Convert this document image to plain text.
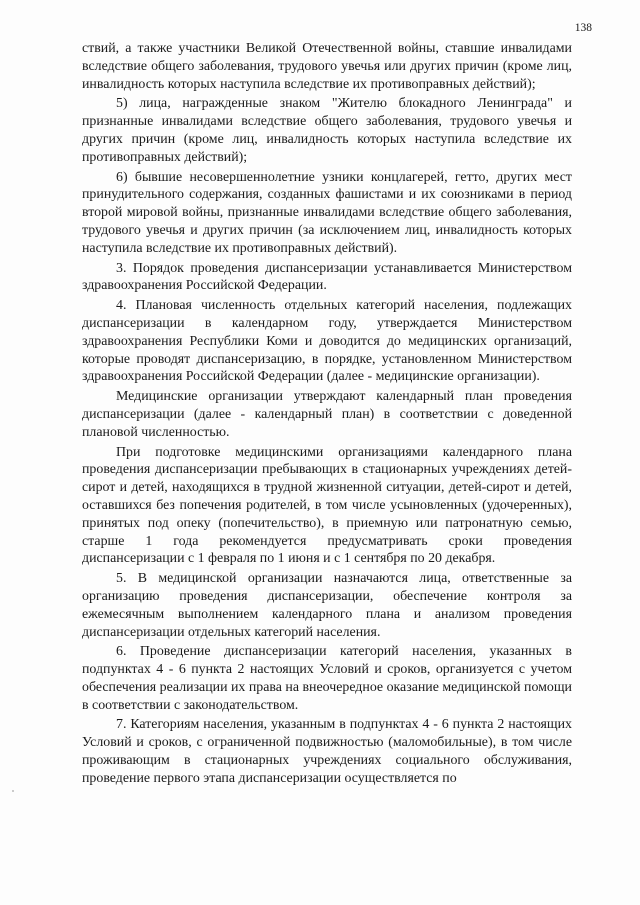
138

ствий, а также участники Великой Отечественной войны, ставшие инвалидами вследствие общего заболевания, трудового увечья или других причин (кроме лиц, инвалидность которых наступила вследствие их противоправных действий);

5) лица, награжденные знаком "Жителю блокадного Ленинграда" и признанные инвалидами вследствие общего заболевания, трудового увечья и других причин (кроме лиц, инвалидность которых наступила вследствие их противоправных действий);

6) бывшие несовершеннолетние узники концлагерей, гетто, других мест принудительного содержания, созданных фашистами и их союзниками в период второй мировой войны, признанные инвалидами вследствие общего заболевания, трудового увечья и других причин (за исключением лиц, инвалидность которых наступила вследствие их противоправных действий).

3. Порядок проведения диспансеризации устанавливается Министерством здравоохранения Российской Федерации.

4. Плановая численность отдельных категорий населения, подлежащих диспансеризации в календарном году, утверждается Министерством здравоохранения Республики Коми и доводится до медицинских организаций, которые проводят диспансеризацию, в порядке, установленном Министерством здравоохранения Российской Федерации (далее - медицинские организации).

Медицинские организации утверждают календарный план проведения диспансеризации (далее - календарный план) в соответствии с доведенной плановой численностью.

При подготовке медицинскими организациями календарного плана проведения диспансеризации пребывающих в стационарных учреждениях детей-сирот и детей, находящихся в трудной жизненной ситуации, детей-сирот и детей, оставшихся без попечения родителей, в том числе усыновленных (удочеренных), принятых под опеку (попечительство), в приемную или патронатную семью, старше 1 года рекомендуется предусматривать сроки проведения диспансеризации с 1 февраля по 1 июня и с 1 сентября по 20 декабря.

5. В медицинской организации назначаются лица, ответственные за организацию проведения диспансеризации, обеспечение контроля за ежемесячным выполнением календарного плана и анализом проведения диспансеризации отдельных категорий населения.

6. Проведение диспансеризации категорий населения, указанных в подпунктах 4 - 6 пункта 2 настоящих Условий и сроков, организуется с учетом обеспечения реализации их права на внеочередное оказание медицинской помощи в соответствии с законодательством.

7. Категориям населения, указанным в подпунктах 4 - 6 пункта 2 настоящих Условий и сроков, с ограниченной подвижностью (маломобильные), в том числе проживающим в стационарных учреждениях социального обслуживания, проведение первого этапа диспансеризации осуществляется по
